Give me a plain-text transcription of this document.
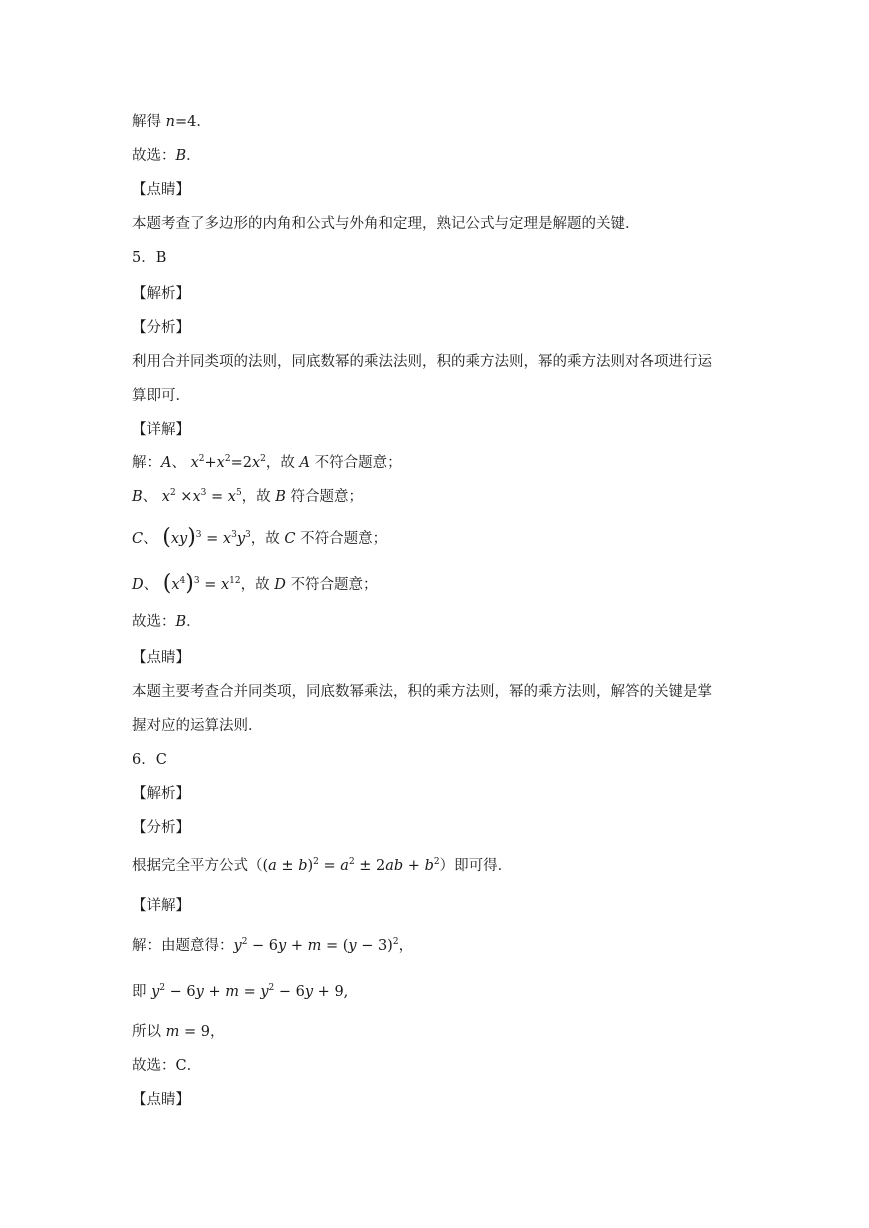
解得 n=4．
故选：B．
【点睛】
本题考查了多边形的内角和公式与外角和定理，熟记公式与定理是解题的关键．
5．B
【解析】
【分析】
利用合并同类项的法则，同底数幂的乘法法则，积的乘方法则，幂的乘方法则对各项进行运
算即可．
【详解】
解：A、 $x^2+x^2=2x^2$，故 A 不符合题意；
B、 $x^2 \times x^3 = x^5$，故 B 符合题意；
C、 $(xy)^3 = x^3y^3$，故 C 不符合题意；
D、 $(x^4)^3 = x^{12}$，故 D 不符合题意；
故选：B．
【点睛】
本题主要考查合并同类项，同底数幂乘法，积的乘方法则，幂的乘方法则，解答的关键是掌
握对应的运算法则．
6．C
【解析】
【分析】
根据完全平方公式$((a \pm b)^2 = a^2 \pm 2ab + b^2)$即可得．
【详解】
解：由题意得：$y^2 - 6y + m = (y - 3)^2$，
即 $y^2 - 6y + m = y^2 - 6y + 9$,
所以 m = 9，
故选：C．
【点睛】
